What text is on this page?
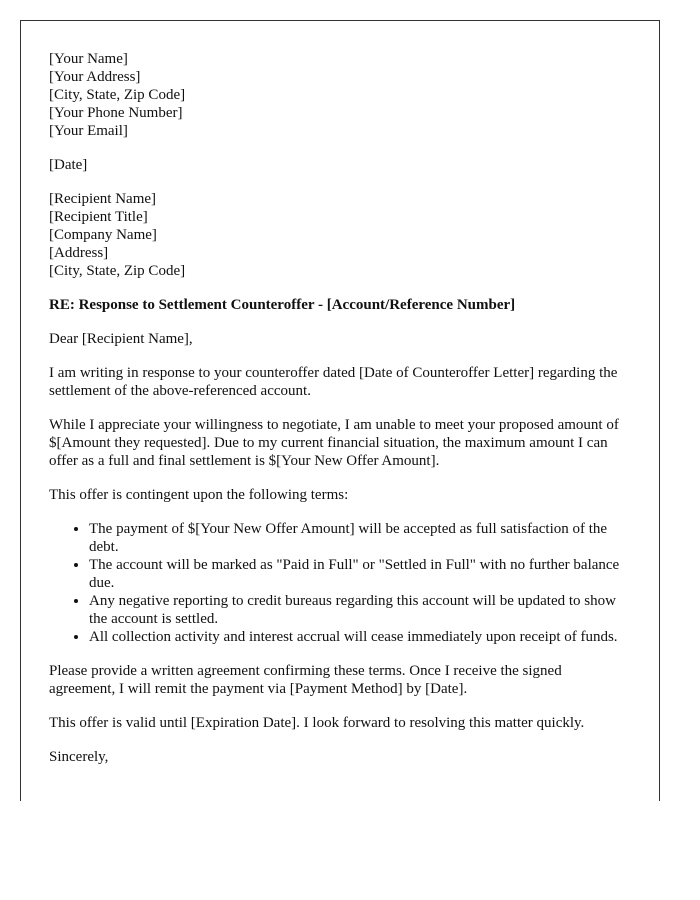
[Your Name]
[Your Address]
[City, State, Zip Code]
[Your Phone Number]
[Your Email]

[Date]

[Recipient Name]
[Recipient Title]
[Company Name]
[Address]
[City, State, Zip Code]

RE: Response to Settlement Counteroffer - [Account/Reference Number]

Dear [Recipient Name],

I am writing in response to your counteroffer dated [Date of Counteroffer Letter] regarding the settlement of the above-referenced account.

While I appreciate your willingness to negotiate, I am unable to meet your proposed amount of $[Amount they requested]. Due to my current financial situation, the maximum amount I can offer as a full and final settlement is $[Your New Offer Amount].

This offer is contingent upon the following terms:

• The payment of $[Your New Offer Amount] will be accepted as full satisfaction of the debt.
• The account will be marked as "Paid in Full" or "Settled in Full" with no further balance due.
• Any negative reporting to credit bureaus regarding this account will be updated to show the account is settled.
• All collection activity and interest accrual will cease immediately upon receipt of funds.

Please provide a written agreement confirming these terms. Once I receive the signed agreement, I will remit the payment via [Payment Method] by [Date].

This offer is valid until [Expiration Date]. I look forward to resolving this matter quickly.

Sincerely,
